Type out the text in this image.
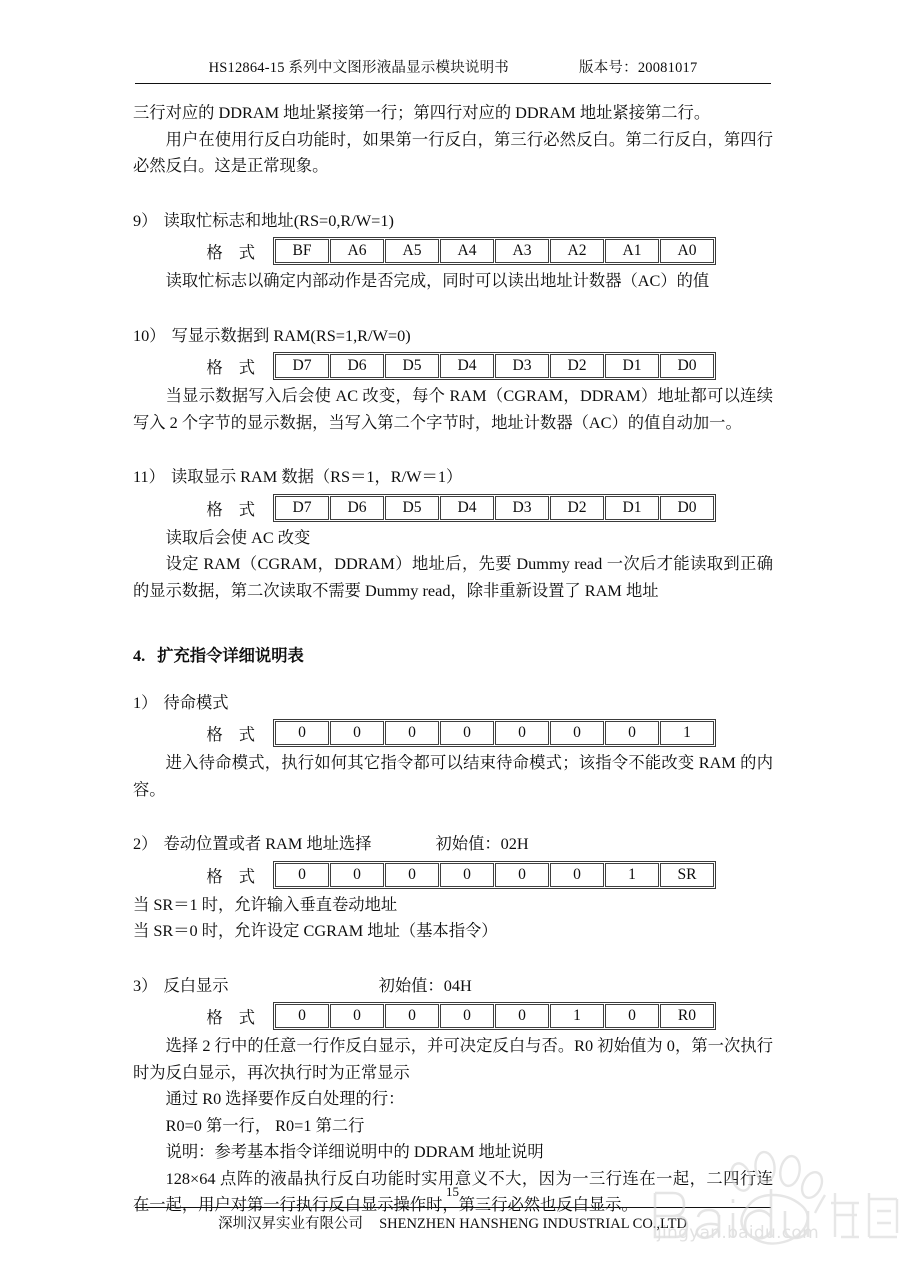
HS12864-15 系列中文图形液晶显示模块说明书	版本号：20081017

三行对应的 DDRAM 地址紧接第一行；第四行对应的 DDRAM 地址紧接第二行。

用户在使用行反白功能时，如果第一行反白，第三行必然反白。第二行反白，第四行必然反白。这是正常现象。

9） 读取忙标志和地址(RS=0,R/W=1)
格 式	BF	A6	A5	A4	A3	A2	A1	A0

读取忙标志以确定内部动作是否完成，同时可以读出地址计数器（AC）的值

10） 写显示数据到 RAM(RS=1,R/W=0)
格 式	D7	D6	D5	D4	D3	D2	D1	D0

当显示数据写入后会使 AC 改变，每个 RAM（CGRAM，DDRAM）地址都可以连续写入 2 个字节的显示数据，当写入第二个字节时，地址计数器（AC）的值自动加一。

11） 读取显示 RAM 数据（RS＝1，R/W＝1）
格 式	D7	D6	D5	D4	D3	D2	D1	D0

读取后会使 AC 改变

设定 RAM（CGRAM，DDRAM）地址后，先要 Dummy read 一次后才能读取到正确的显示数据，第二次读取不需要 Dummy read，除非重新设置了 RAM 地址

4. 扩充指令详细说明表
1） 待命模式
格 式	0	0	0	0	0	0	0	1

进入待命模式，执行如何其它指令都可以结束待命模式；该指令不能改变 RAM 的内容。

2） 卷动位置或者 RAM 地址选择	初始值：02H
格 式	0	0	0	0	0	0	1	SR

当 SR＝1 时，允许输入垂直卷动地址

当 SR＝0 时，允许设定 CGRAM 地址（基本指令）

3） 反白显示	初始值：04H
格 式	0	0	0	0	0	1	0	R0

选择 2 行中的任意一行作反白显示，并可决定反白与否。R0 初始值为 0，第一次执行时为反白显示，再次执行时为正常显示

通过 R0 选择要作反白处理的行：

R0=0 第一行， R0=1 第二行

说明：参考基本指令详细说明中的 DDRAM 地址说明

128×64 点阵的液晶执行反白功能时实用意义不大，因为一三行连在一起，二四行连在一起，用户对第一行执行反白显示操作时，第三行必然也反白显示。

15
深圳汉昇实业有限公司 SHENZHEN HANSHENG INDUSTRIAL CO.,LTD
jingyan.baidu.com
